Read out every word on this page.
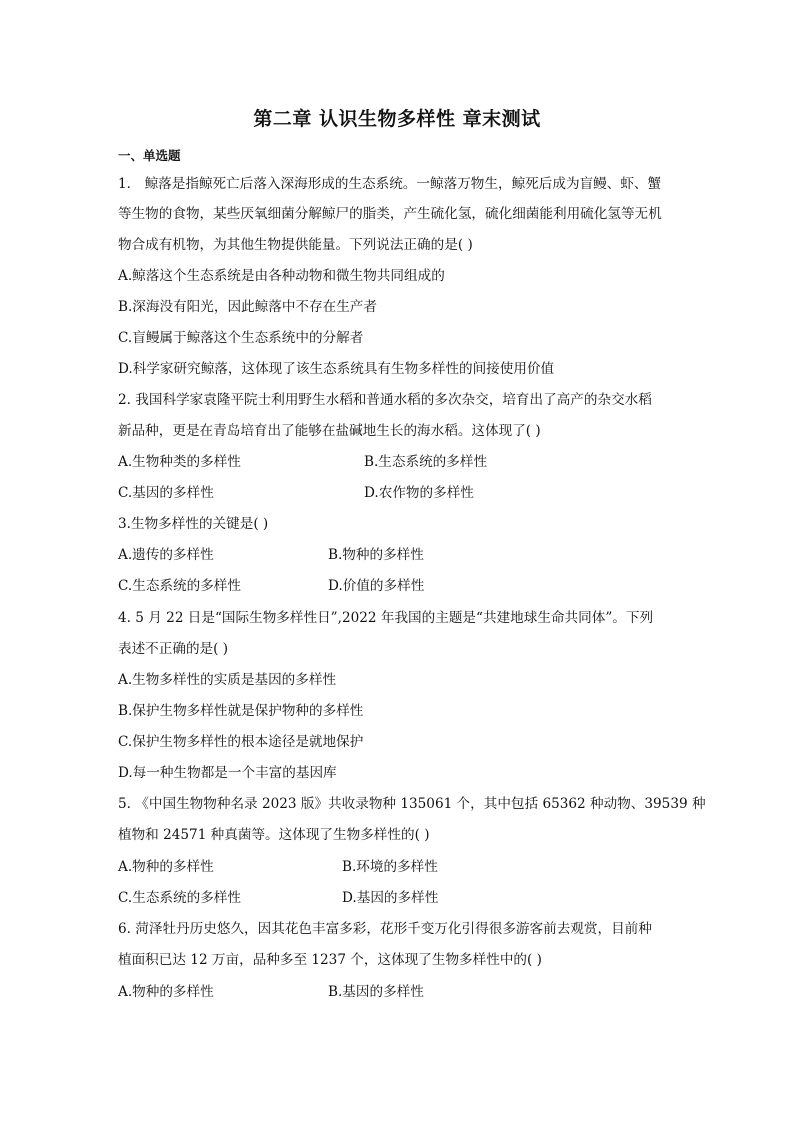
第二章 认识生物多样性 章末测试
一、单选题
1． 鲸落是指鲸死亡后落入深海形成的生态系统。一鲸落万物生，鲸死后成为盲鳗、虾、蟹
等生物的食物，某些厌氧细菌分解鲸尸的脂类，产生硫化氢，硫化细菌能利用硫化氢等无机
物合成有机物，为其他生物提供能量。下列说法正确的是( )
A.鲸落这个生态系统是由各种动物和微生物共同组成的
B.深海没有阳光，因此鲸落中不存在生产者
C.盲鳗属于鲸落这个生态系统中的分解者
D.科学家研究鲸落，这体现了该生态系统具有生物多样性的间接使用价值
2. 我国科学家袁隆平院士利用野生水稻和普通水稻的多次杂交，培育出了高产的杂交水稻
新品种，更是在青岛培育出了能够在盐碱地生长的海水稻。这体现了( )
A.生物种类的多样性	B.生态系统的多样性
C.基因的多样性	D.农作物的多样性
3.生物多样性的关键是( )
A.遗传的多样性	B.物种的多样性
C.生态系统的多样性	D.价值的多样性
4. 5 月 22 日是“国际生物多样性日”,2022 年我国的主题是“共建地球生命共同体”。下列
表述不正确的是( )
A.生物多样性的实质是基因的多样性
B.保护生物多样性就是保护物种的多样性
C.保护生物多样性的根本途径是就地保护
D.每一种生物都是一个丰富的基因库
5. 《中国生物物种名录 2023 版》共收录物种 135061 个，其中包括 65362 种动物、39539 种
植物和 24571 种真菌等。这体现了生物多样性的( )
A.物种的多样性	B.环境的多样性
C.生态系统的多样性	D.基因的多样性
6. 菏泽牡丹历史悠久，因其花色丰富多彩，花形千变万化引得很多游客前去观赏，目前种
植面积已达 12 万亩，品种多至 1237 个，这体现了生物多样性中的( )
A.物种的多样性	B.基因的多样性
